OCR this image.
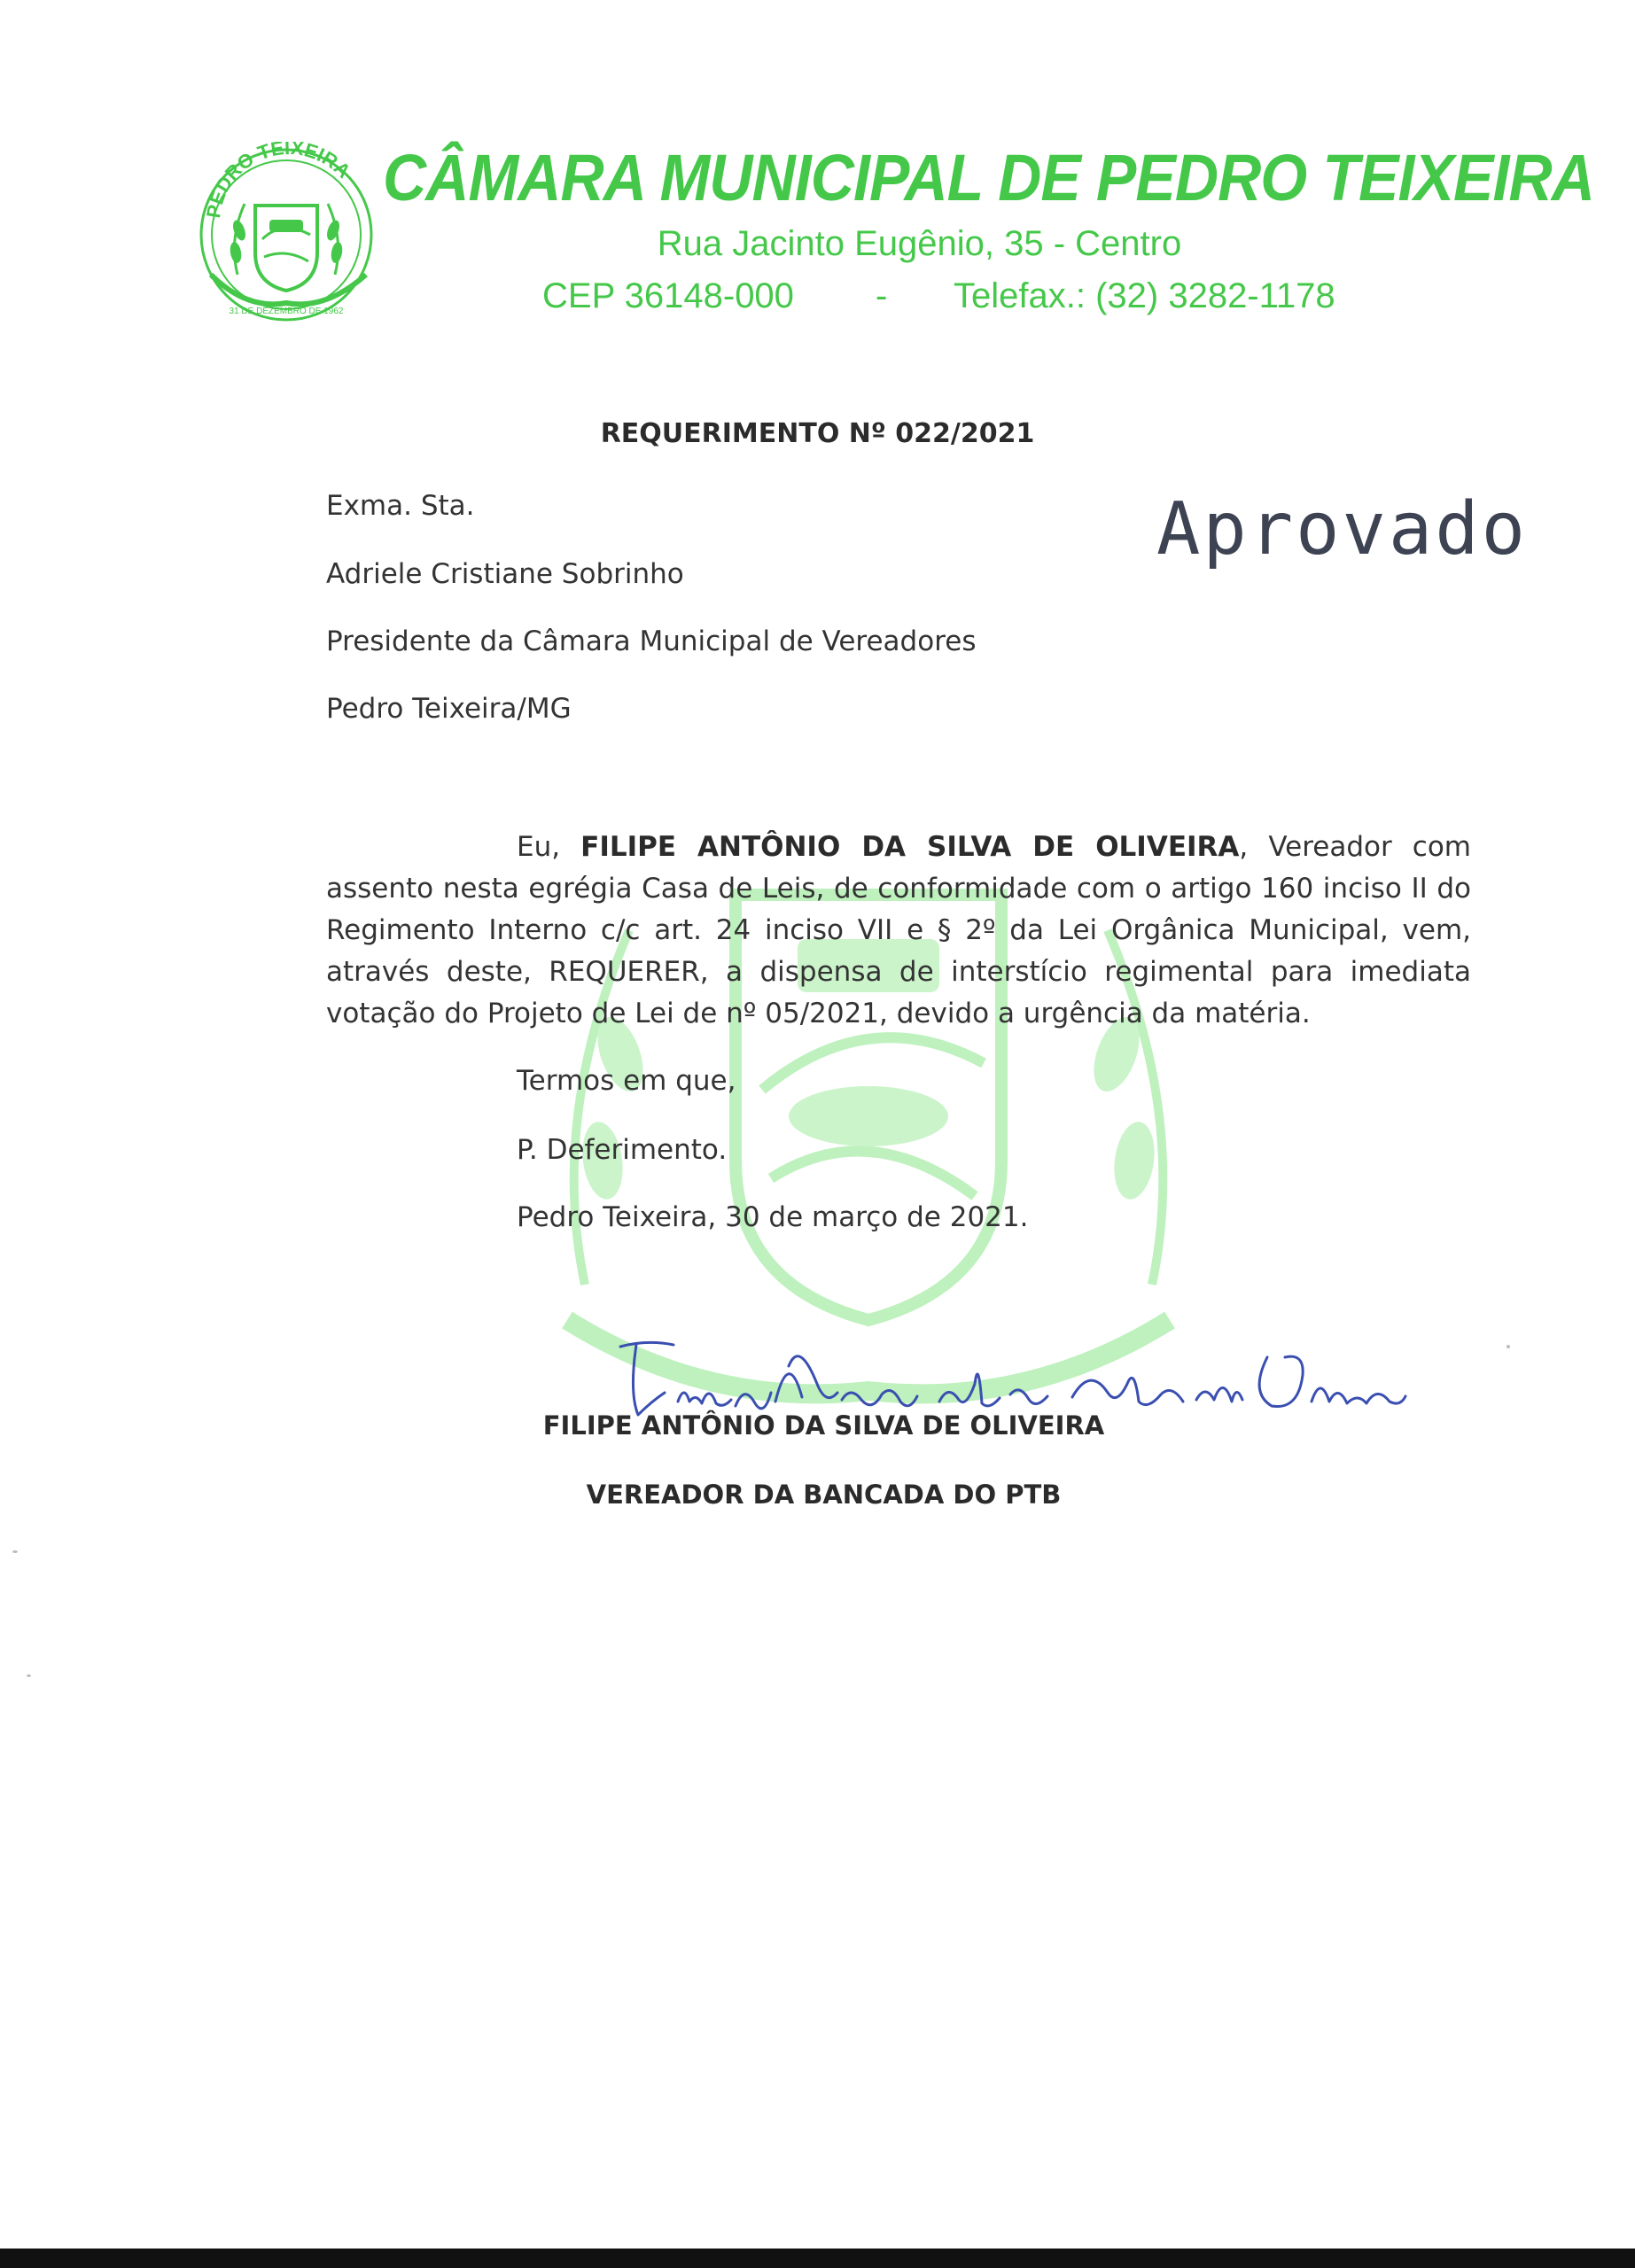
PEDRO TEIXEIRA
31 DE DEZEMBRO DE 1962
CÂMARA MUNICIPAL DE PEDRO TEIXEIRA
Rua Jacinto Eugênio, 35 - Centro
CEP 36148-000 - Telefax.: (32) 3282-1178
REQUERIMENTO Nº 022/2021
Exma. Sta.
Adriele Cristiane Sobrinho
Presidente da Câmara Municipal de Vereadores
Pedro Teixeira/MG
Aprovado
Eu, FILIPE ANTÔNIO DA SILVA DE OLIVEIRA, Vereador com assento nesta egrégia Casa de Leis, de conformidade com o artigo 160 inciso II do Regimento Interno c/c art. 24 inciso VII e § 2º da Lei Orgânica Municipal, vem, através deste, REQUERER, a dispensa de interstício regimental para imediata votação do Projeto de Lei de nº 05/2021, devido a urgência da matéria.
Termos em que,
P. Deferimento.
Pedro Teixeira, 30 de março de 2021.
FILIPE ANTÔNIO DA SILVA DE OLIVEIRA
VEREADOR DA BANCADA DO PTB
